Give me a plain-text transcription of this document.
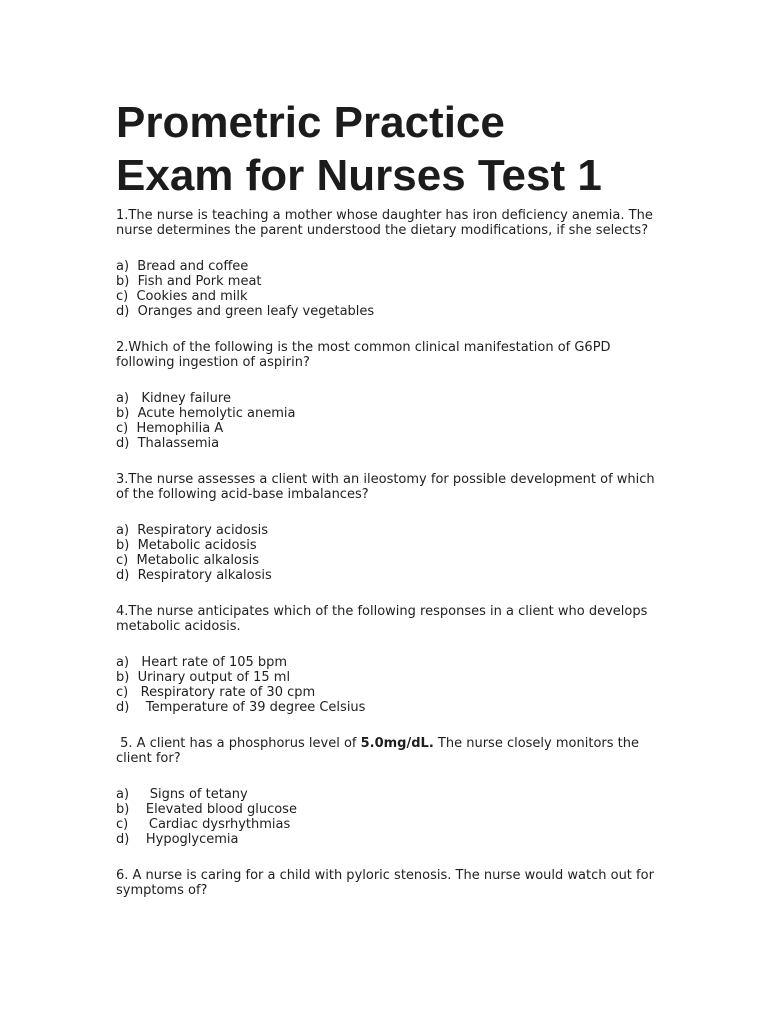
Prometric Practice
Exam for Nurses Test 1

1.The nurse is teaching a mother whose daughter has iron deficiency anemia. The nurse determines the parent understood the dietary modifications, if she selects?

a)  Bread and coffee
b)  Fish and Pork meat
c)  Cookies and milk
d)  Oranges and green leafy vegetables

2.Which of the following is the most common clinical manifestation of G6PD following ingestion of aspirin?

a)   Kidney failure
b)  Acute hemolytic anemia
c)  Hemophilia A
d)  Thalassemia

3.The nurse assesses a client with an ileostomy for possible development of which of the following acid-base imbalances?

a)  Respiratory acidosis
b)  Metabolic acidosis
c)  Metabolic alkalosis
d)  Respiratory alkalosis

4.The nurse anticipates which of the following responses in a client who develops metabolic acidosis.

a)   Heart rate of 105 bpm
b)  Urinary output of 15 ml
c)   Respiratory rate of 30 cpm
d)    Temperature of 39 degree Celsius

5. A client has a phosphorus level of 5.0mg/dL. The nurse closely monitors the client for?

a)     Signs of tetany
b)    Elevated blood glucose
c)     Cardiac dysrhythmias
d)    Hypoglycemia

6. A nurse is caring for a child with pyloric stenosis. The nurse would watch out for symptoms of?
